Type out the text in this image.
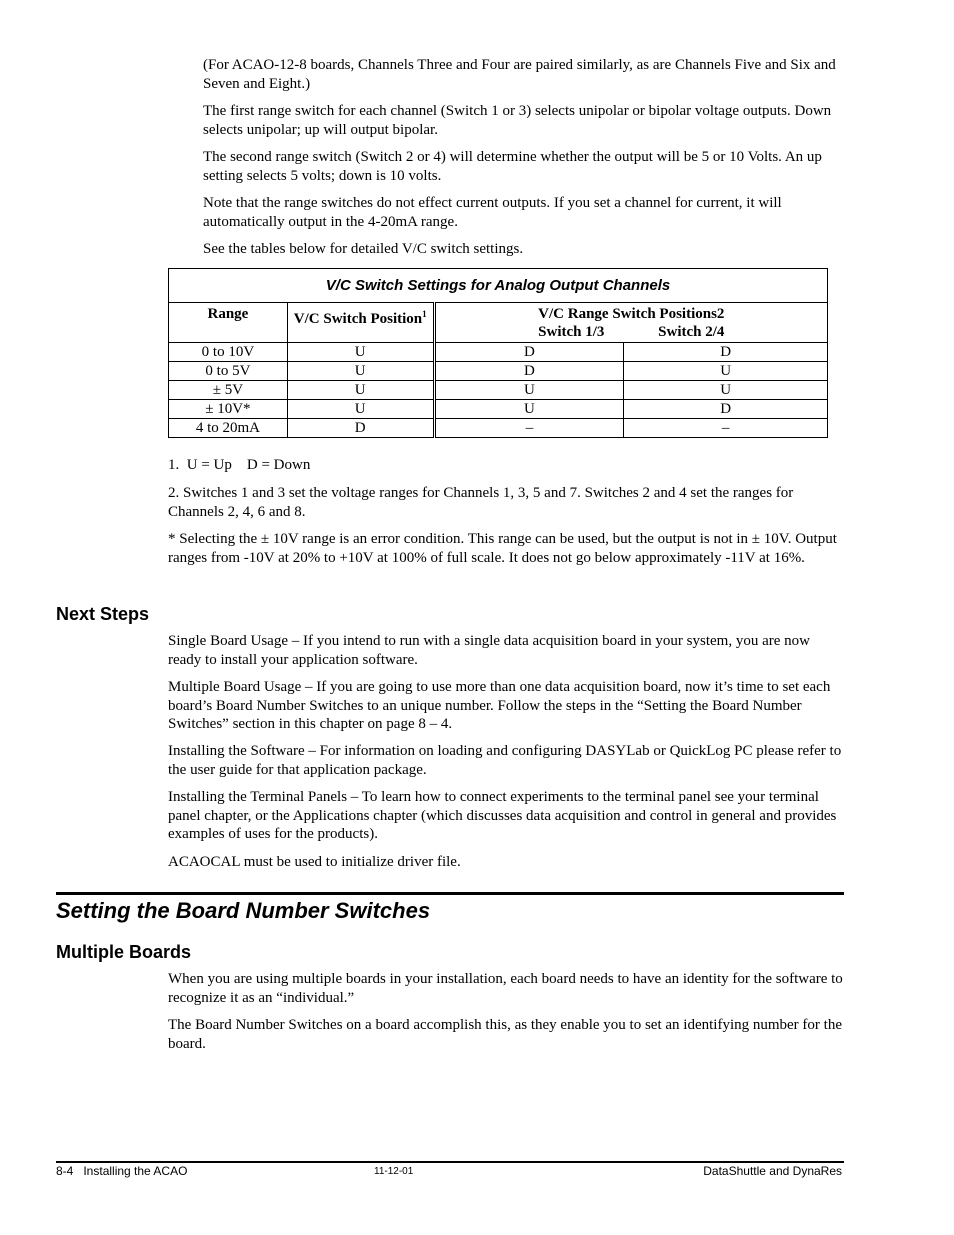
(For ACAO-12-8 boards, Channels Three and Four are paired similarly, as are Channels Five and Six and Seven and Eight.)

The first range switch for each channel (Switch 1 or 3) selects unipolar or bipolar voltage outputs. Down selects unipolar; up will output bipolar.

The second range switch (Switch 2 or 4) will determine whether the output will be 5 or 10 Volts. An up setting selects 5 volts; down is 10 volts.

Note that the range switches do not effect current outputs. If you set a channel for current, it will automatically output in the 4-20mA range.

See the tables below for detailed V/C switch settings.

V/C Switch Settings for Analog Output Channels			
Range	V/C Switch Position$^1$	V/C Range Switch Positions2
Switch 1/3 Switch 2/4	

0 to 10V	U	D	D
0 to 5V	U	D	U
± 5V	U	U	U
± 10V*	U	U	D
4 to 20mA	D	–	–

1.  U = Up    D = Down

2. Switches 1 and 3 set the voltage ranges for Channels 1, 3, 5 and 7. Switches 2 and 4 set the ranges for Channels 2, 4, 6 and 8.

* Selecting the ± 10V range is an error condition. This range can be used, but the output is not in ± 10V. Output ranges from -10V at 20% to +10V at 100% of full scale. It does not go below approximately -11V at 16%.

Next Steps

Single Board Usage – If you intend to run with a single data acquisition board in your system, you are now ready to install your application software.

Multiple Board Usage – If you are going to use more than one data acquisition board, now it’s time to set each board’s Board Number Switches to an unique number. Follow the steps in the “Setting the Board Number Switches” section in this chapter on page 8 – 4.

Installing the Software – For information on loading and configuring DASYLab or QuickLog PC please refer to the user guide for that application package.

Installing the Terminal Panels – To learn how to connect experiments to the terminal panel see your terminal panel chapter, or the Applications chapter (which discusses data acquisition and control in general and provides examples of uses for the products).

ACAOCAL must be used to initialize driver file.

Setting the Board Number Switches
Multiple Boards

When you are using multiple boards in your installation, each board needs to have an identity for the software to recognize it as an “individual.”

The Board Number Switches on a board accomplish this, as they enable you to set an identifying number for the board.

8-4   Installing the ACAO	11-12-01	DataShuttle and DynaRes
